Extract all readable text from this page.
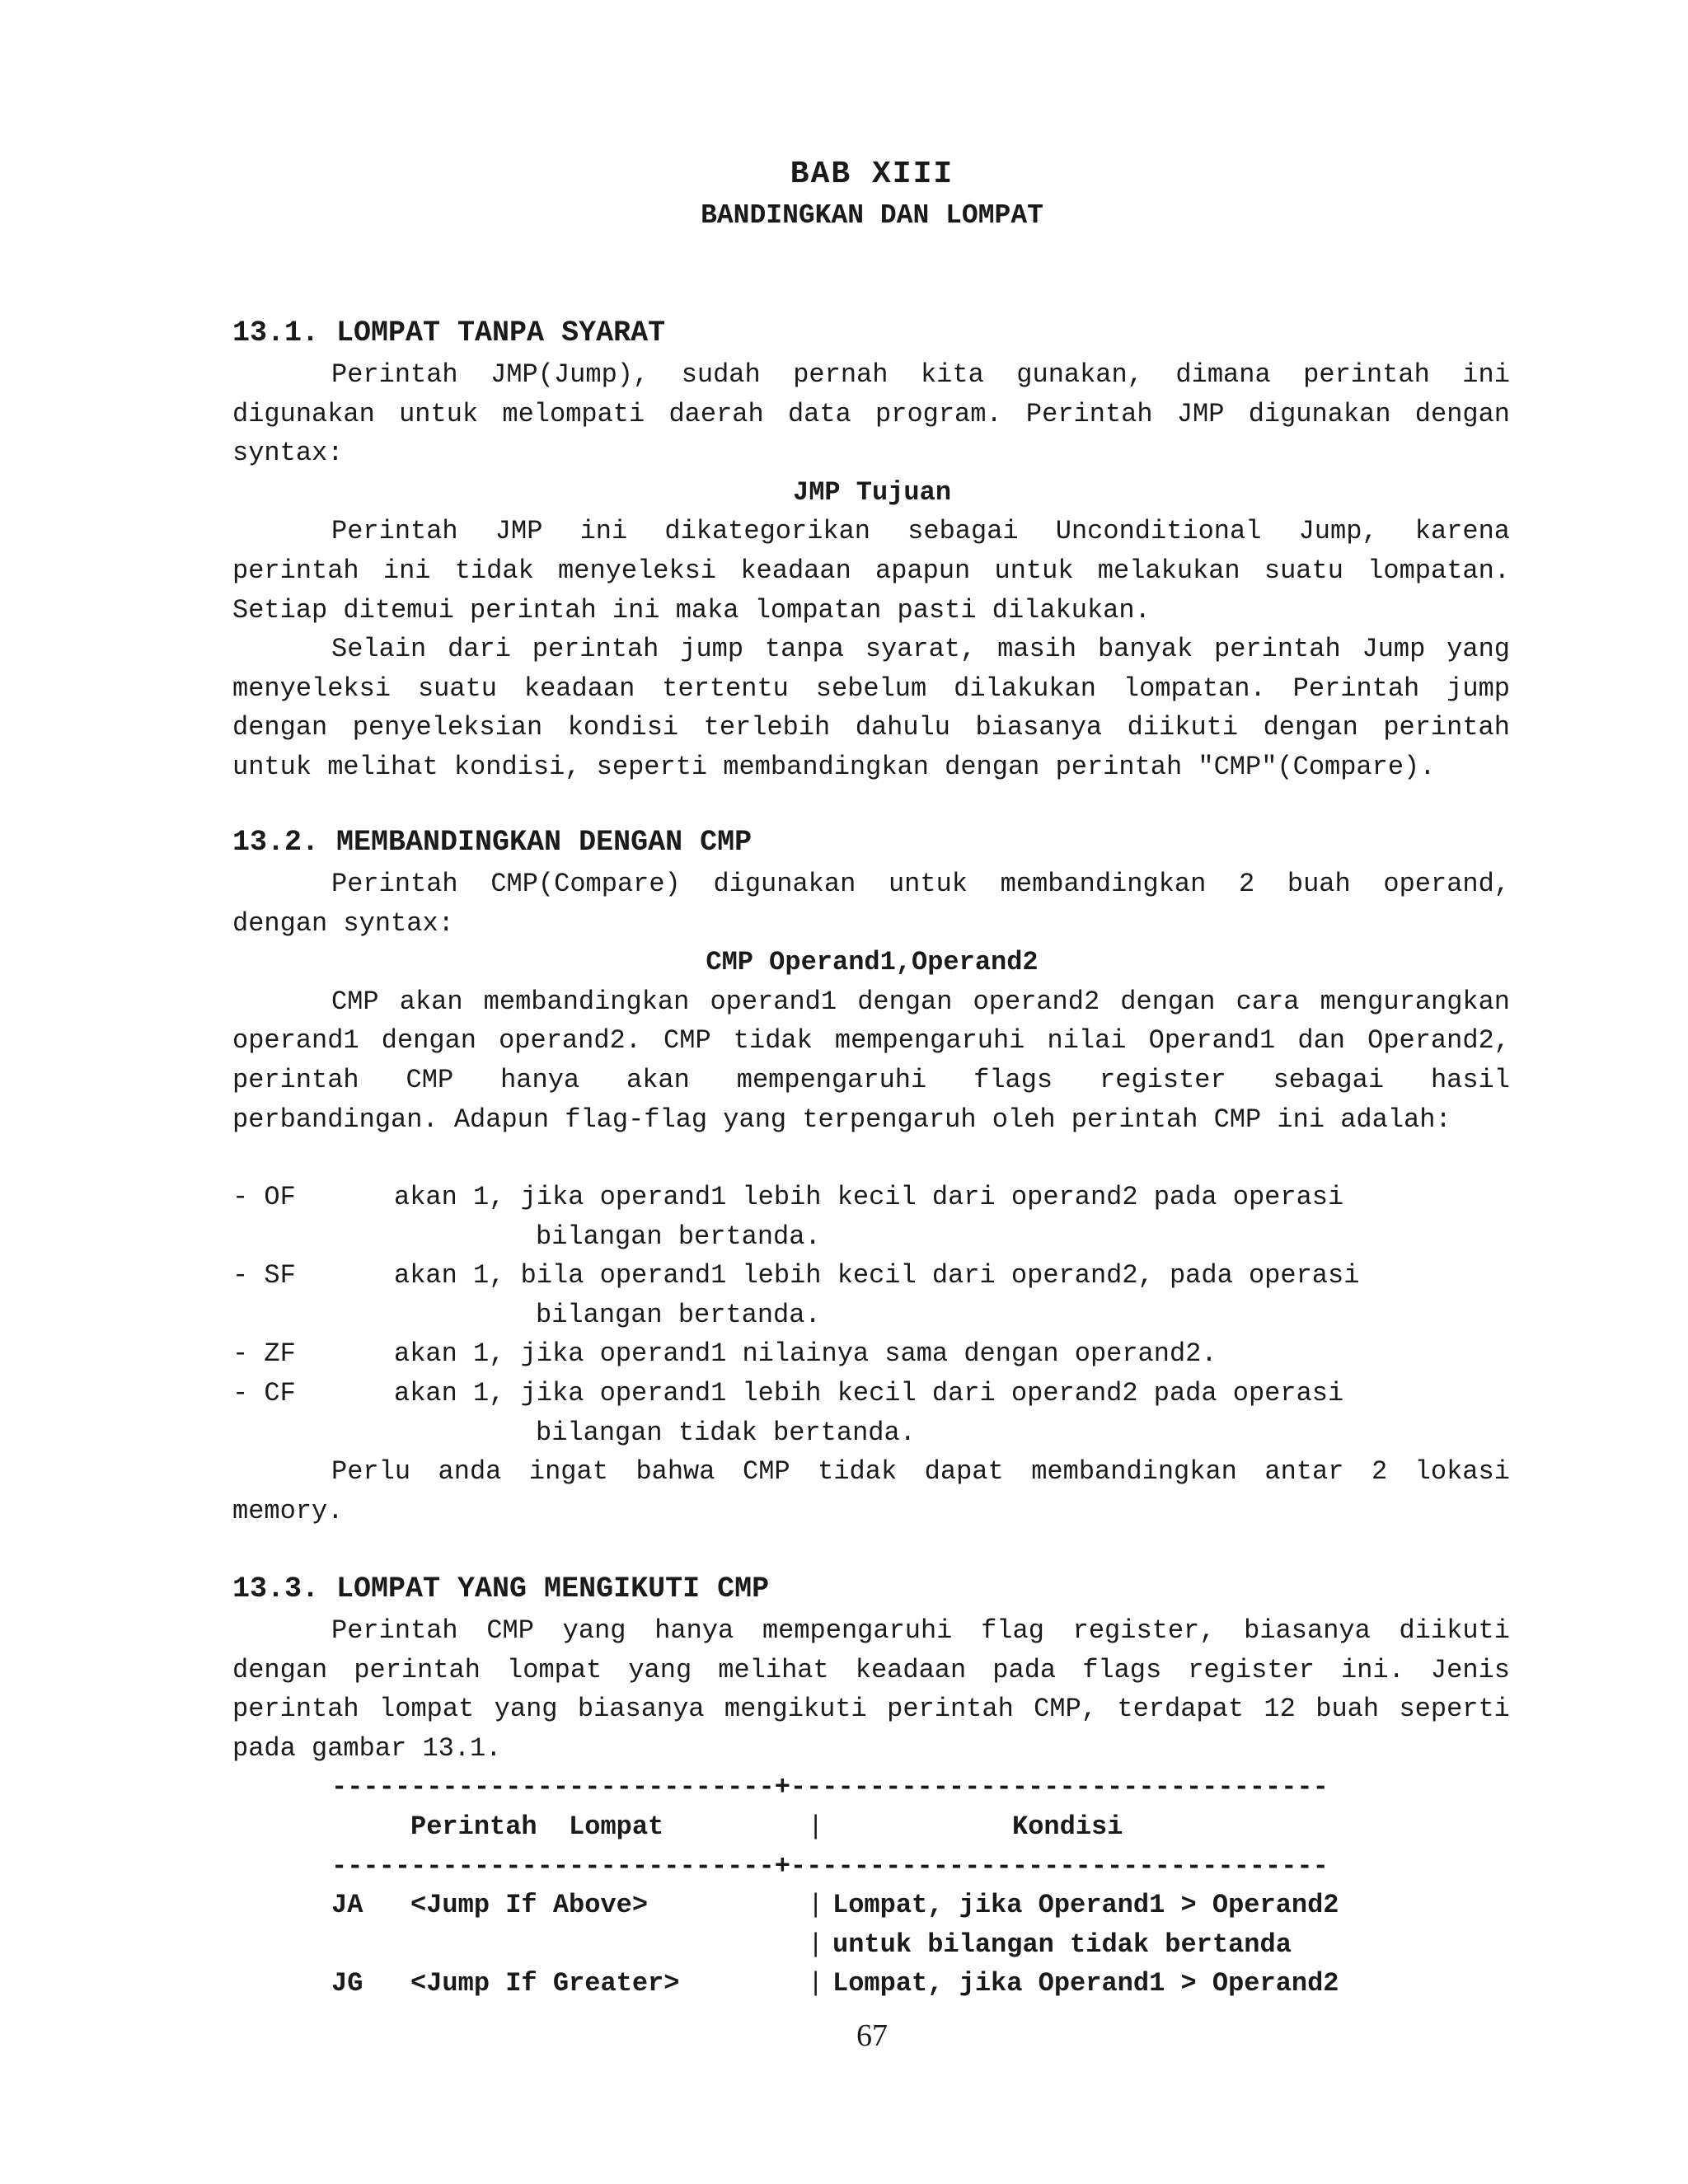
BAB XIII
BANDINGKAN DAN LOMPAT
13.1. LOMPAT TANPA SYARAT
Perintah JMP(Jump), sudah pernah kita gunakan, dimana perintah ini
digunakan untuk melompati daerah data program. Perintah JMP digunakan dengan
syntax:
JMP Tujuan
Perintah JMP ini dikategorikan sebagai Unconditional Jump, karena
perintah ini tidak menyeleksi keadaan apapun untuk melakukan suatu lompatan.
Setiap ditemui perintah ini maka lompatan pasti dilakukan.
Selain dari perintah jump tanpa syarat, masih banyak perintah Jump yang
menyeleksi suatu keadaan tertentu sebelum dilakukan lompatan. Perintah jump
dengan penyeleksian kondisi terlebih dahulu biasanya diikuti dengan perintah
untuk melihat kondisi, seperti membandingkan dengan perintah "CMP"(Compare).
13.2. MEMBANDINGKAN DENGAN CMP
Perintah CMP(Compare) digunakan untuk membandingkan 2 buah operand,
dengan syntax:
CMP Operand1,Operand2
CMP akan membandingkan operand1 dengan operand2 dengan cara mengurangkan
operand1 dengan operand2. CMP tidak mempengaruhi nilai Operand1 dan Operand2,
perintah CMP hanya akan mempengaruhi flags register sebagai hasil
perbandingan. Adapun flag-flag yang terpengaruh oleh perintah CMP ini adalah:
- OF	akan 1, jika operand1 lebih kecil dari operand2 pada operasi
bilangan bertanda.
- SF	akan 1, bila operand1 lebih kecil dari operand2, pada operasi
bilangan bertanda.
- ZF	akan 1, jika operand1 nilainya sama dengan operand2.
- CF	akan 1, jika operand1 lebih kecil dari operand2 pada operasi
bilangan tidak bertanda.
Perlu anda ingat bahwa CMP tidak dapat membandingkan antar 2 lokasi
memory.
13.3. LOMPAT YANG MENGIKUTI CMP
Perintah CMP yang hanya mempengaruhi flag register, biasanya diikuti
dengan perintah lompat yang melihat keadaan pada flags register ini. Jenis
perintah lompat yang biasanya mengikuti perintah CMP, terdapat 12 buah seperti
pada gambar 13.1.
----------------------------+----------------------------------
Perintah  Lompat	|	Kondisi
----------------------------+----------------------------------
JA <Jump If Above>	| Lompat, jika Operand1 > Operand2
| untuk bilangan tidak bertanda
JG <Jump If Greater>	| Lompat, jika Operand1 > Operand2
67
